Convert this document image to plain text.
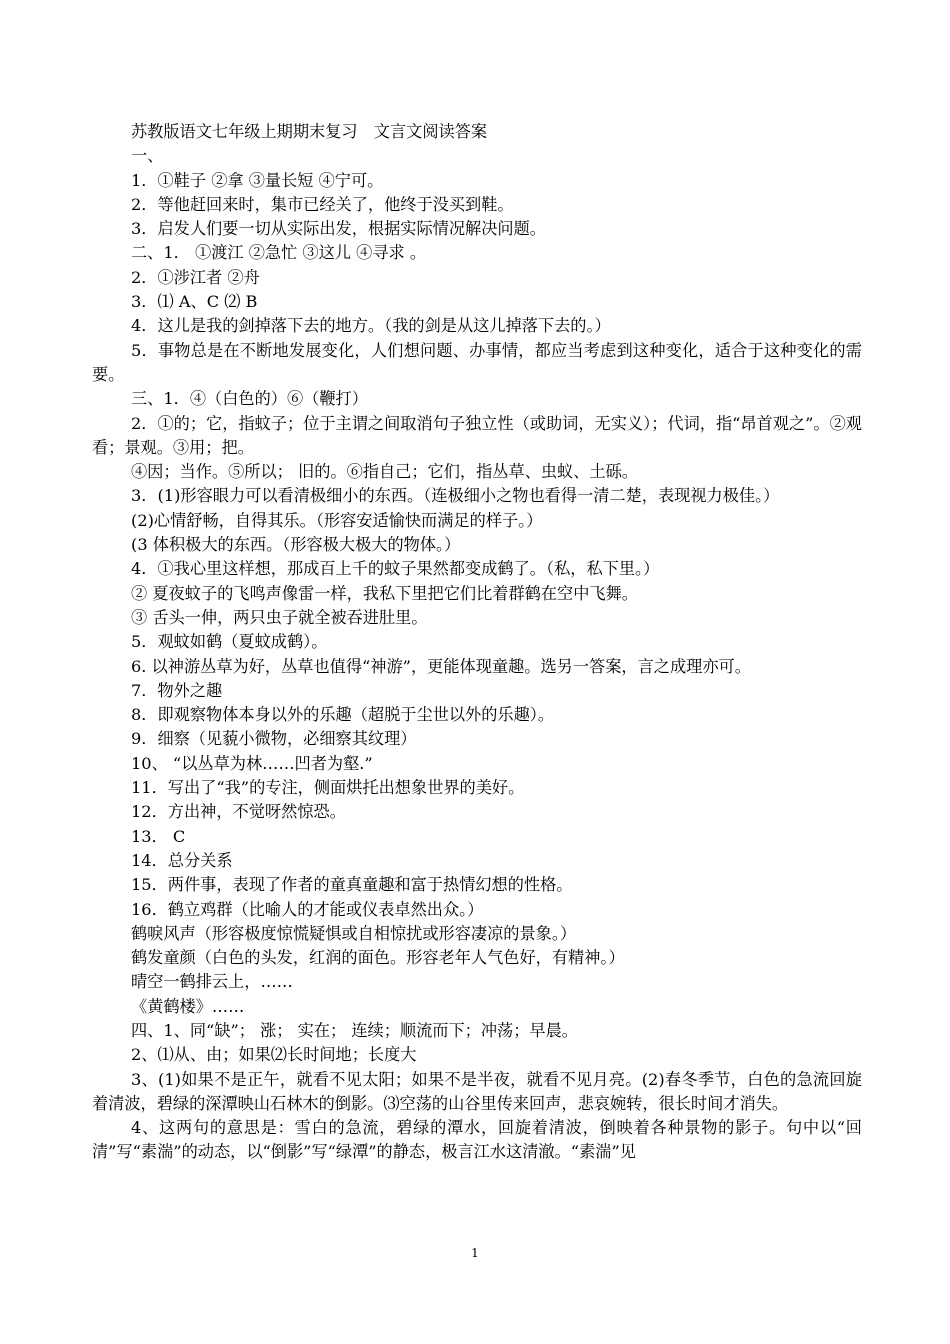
苏教版语文七年级上期期末复习　文言文阅读答案

一、

1．①鞋子 ②拿 ③量长短 ④宁可。

2．等他赶回来时，集市已经关了，他终于没买到鞋。

3．启发人们要一切从实际出发，根据实际情况解决问题。

二、1． ①渡江 ②急忙 ③这儿 ④寻求 。

2．①涉江者 ②舟

3．⑴ A、C ⑵ B

4．这儿是我的剑掉落下去的地方。（我的剑是从这儿掉落下去的。）

5．事物总是在不断地发展变化，人们想问题、办事情，都应当考虑到这种变化，适合于这种变化的需要。

三、1．④（白色的）⑥（鞭打）

2．①的；它，指蚊子；位于主谓之间取消句子独立性（或助词，无实义）；代词，指“昂首观之”。②观看；景观。③用；把。

④因；当作。⑤所以； 旧的。⑥指自己；它们，指丛草、虫蚁、土砾。

3．(1)形容眼力可以看清极细小的东西。（连极细小之物也看得一清二楚，表现视力极佳。）

(2)心情舒畅，自得其乐。（形容安适愉快而满足的样子。）

(3 体积极大的东西。（形容极大极大的物体。）

4．①我心里这样想，那成百上千的蚊子果然都变成鹤了。（私，私下里。）

② 夏夜蚊子的飞鸣声像雷一样，我私下里把它们比着群鹤在空中飞舞。

③ 舌头一伸，两只虫子就全被吞进肚里。

5．观蚊如鹤（夏蚊成鹤）。

6. 以神游丛草为好，丛草也值得“神游”，更能体现童趣。选另一答案，言之成理亦可。

7．物外之趣

8．即观察物体本身以外的乐趣（超脱于尘世以外的乐趣）。

9．细察（见藐小微物，必细察其纹理）

10、 “以丛草为林……凹者为壑.”

11．写出了“我”的专注，侧面烘托出想象世界的美好。

12．方出神，不觉呀然惊恐。

13． C

14．总分关系

15．两件事，表现了作者的童真童趣和富于热情幻想的性格。

16．鹤立鸡群（比喻人的才能或仪表卓然出众。）

鹤唳风声（形容极度惊慌疑惧或自相惊扰或形容凄凉的景象。）

鹤发童颜（白色的头发，红润的面色。形容老年人气色好，有精神。）

晴空一鹤排云上，……

《黄鹤楼》……

四、1、同“缺”； 涨； 实在； 连续；顺流而下；冲荡；早晨。

2、⑴从、由；如果⑵长时间地；长度大

3、(1)如果不是正午，就看不见太阳；如果不是半夜，就看不见月亮。(2)春冬季节，白色的急流回旋着清波，碧绿的深潭映山石林木的倒影。⑶空荡的山谷里传来回声，悲哀婉转，很长时间才消失。

4、这两句的意思是：雪白的急流，碧绿的潭水，回旋着清波，倒映着各种景物的影子。句中以“回清”写“素湍”的动态，以“倒影”写“绿潭”的静态，极言江水这清澈。“素湍”见

1
